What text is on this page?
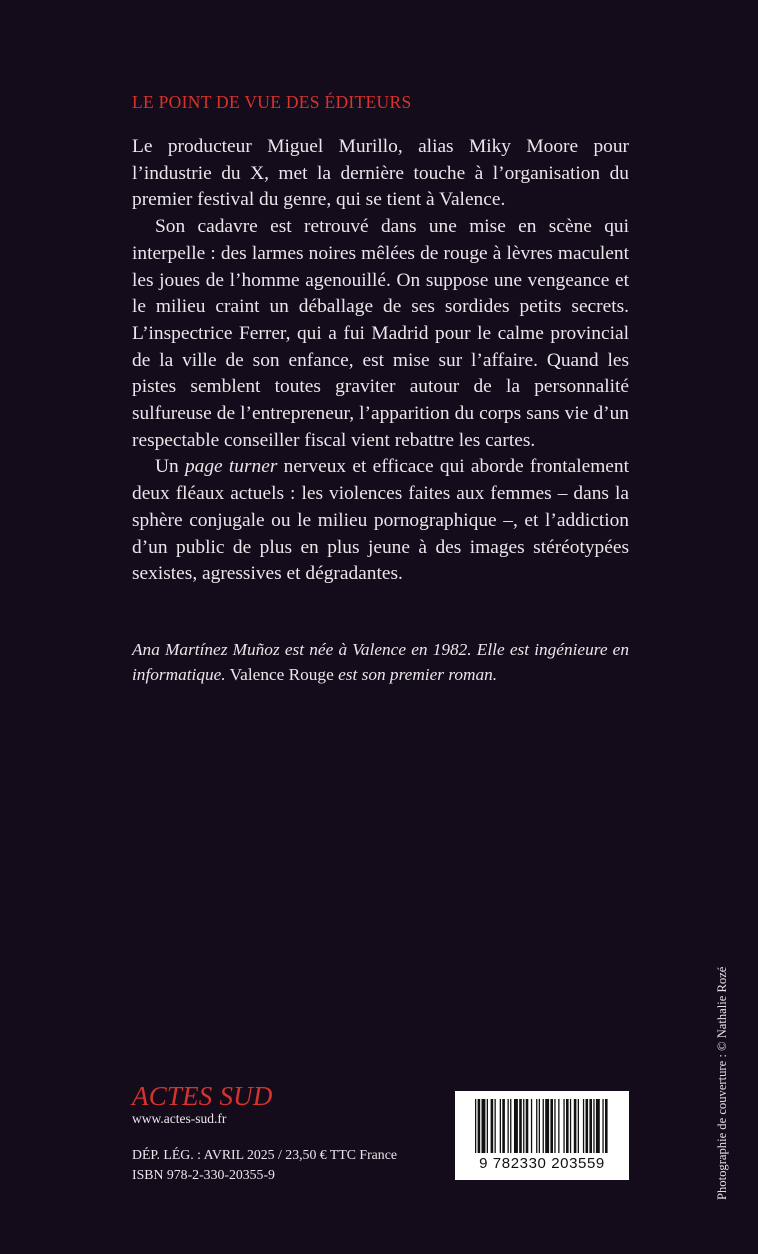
LE POINT DE VUE DES ÉDITEURS

Le producteur Miguel Murillo, alias Miky Moore pour l’industrie du X, met la dernière touche à l’organisation du premier festival du genre, qui se tient à Valence.

Son cadavre est retrouvé dans une mise en scène qui interpelle : des larmes noires mêlées de rouge à lèvres maculent les joues de l’homme agenouillé. On suppose une vengeance et le milieu craint un déballage de ses sordides petits secrets. L’inspectrice Ferrer, qui a fui Madrid pour le calme provincial de la ville de son enfance, est mise sur l’affaire. Quand les pistes semblent toutes graviter autour de la personnalité sulfureuse de l’entrepreneur, l’apparition du corps sans vie d’un respectable conseiller fiscal vient rebattre les cartes.

Un page turner nerveux et efficace qui aborde frontalement deux fléaux actuels : les violences faites aux femmes – dans la sphère conjugale ou le milieu pornographique –, et l’addiction d’un public de plus en plus jeune à des images stéréotypées sexistes, agressives et dégradantes.

Ana Martínez Muñoz est née à Valence en 1982. Elle est ingénieure en informatique. Valence Rouge est son premier roman.

ACTES SUD
www.actes-sud.fr
DÉP. LÉG. : AVRIL 2025 / 23,50 € TTC France
ISBN 978-2-330-20355-9
9 782330 203559	Photographie de couverture : © Nathalie Rozé
